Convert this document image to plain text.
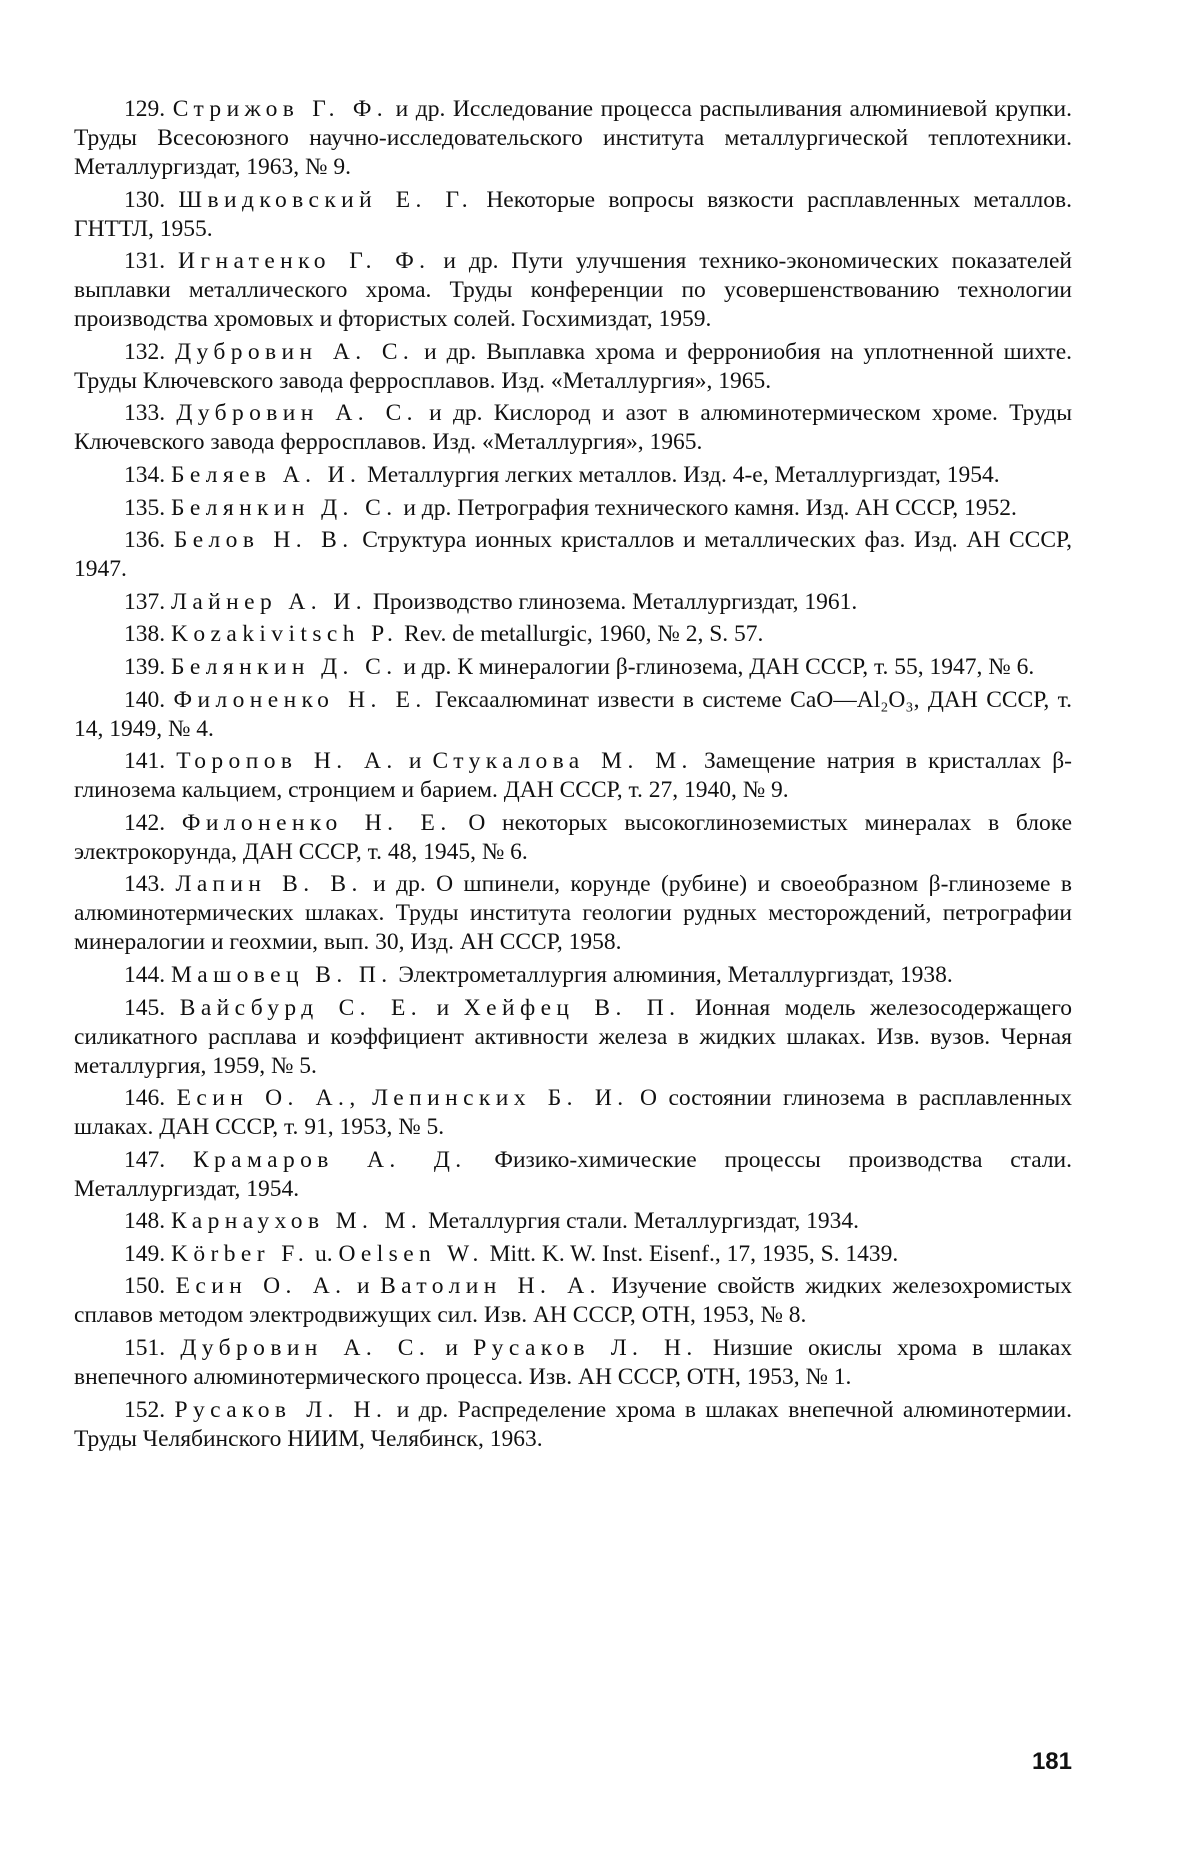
129. Стрижов Г. Ф. и др. Исследование процесса распыливания алюминиевой крупки. Труды Всесоюзного научно-исследовательского института металлургической теплотехники. Металлургиздат, 1963, № 9.

130. Швидковский Е. Г. Некоторые вопросы вязкости расплавленных металлов. ГНТТЛ, 1955.

131. Игнатенко Г. Ф. и др. Пути улучшения технико-экономических показателей выплавки металлического хрома. Труды конференции по усовершенствованию технологии производства хромовых и фтористых солей. Госхимиздат, 1959.

132. Дубровин А. С. и др. Выплавка хрома и феррониобия на уплотненной шихте. Труды Ключевского завода ферросплавов. Изд. «Металлургия», 1965.

133. Дубровин А. С. и др. Кислород и азот в алюминотермическом хроме. Труды Ключевского завода ферросплавов. Изд. «Металлургия», 1965.

134. Беляев А. И. Металлургия легких металлов. Изд. 4-е, Металлургиздат, 1954.

135. Белянкин Д. С. и др. Петрография технического камня. Изд. АН СССР, 1952.

136. Белов Н. В. Структура ионных кристаллов и металлических фаз. Изд. АН СССР, 1947.

137. Лайнер А. И. Производство глинозема. Металлургиздат, 1961.

138. Kozakivitsch P. Rev. de metallurgic, 1960, № 2, S. 57.

139. Белянкин Д. С. и др. К минералогии β-глинозема, ДАН СССР, т. 55, 1947, № 6.

140. Филоненко Н. Е. Гексаалюминат извести в системе CaO—Al₂O₃, ДАН СССР, т. 14, 1949, № 4.

141. Торопов Н. А. и Стукалова М. М. Замещение натрия в кристаллах β-глинозема кальцием, стронцием и барием. ДАН СССР, т. 27, 1940, № 9.

142. Филоненко Н. Е. О некоторых высокоглиноземистых минералах в блоке электрокорунда, ДАН СССР, т. 48, 1945, № 6.

143. Лапин В. В. и др. О шпинели, корунде (рубине) и своеобразном β-глиноземе в алюминотермических шлаках. Труды института геологии рудных месторождений, петрографии минералогии и геохмии, вып. 30, Изд. АН СССР, 1958.

144. Машовец В. П. Электрометаллургия алюминия, Металлургиздат, 1938.

145. Вайсбурд С. Е. и Хейфец В. П. Ионная модель железосодержащего силикатного расплава и коэффициент активности железа в жидких шлаках. Изв. вузов. Черная металлургия, 1959, № 5.

146. Есин О. А., Лепинских Б. И. О состоянии глинозема в расплавленных шлаках. ДАН СССР, т. 91, 1953, № 5.

147. Крамаров А. Д. Физико-химические процессы производства стали. Металлургиздат, 1954.

148. Карнаухов М. М. Металлургия стали. Металлургиздат, 1934.

149. Körber F. u. Oelsen W. Mitt. K. W. Inst. Eisenf., 17, 1935, S. 1439.

150. Есин О. А. и Ватолин Н. А. Изучение свойств жидких железохромистых сплавов методом электродвижущих сил. Изв. АН СССР, ОТН, 1953, № 8.

151. Дубровин А. С. и Русаков Л. Н. Низшие окислы хрома в шлаках внепечного алюминотермического процесса. Изв. АН СССР, ОТН, 1953, № 1.

152. Русаков Л. Н. и др. Распределение хрома в шлаках внепечной алюминотермии. Труды Челябинского НИИМ, Челябинск, 1963.

181
